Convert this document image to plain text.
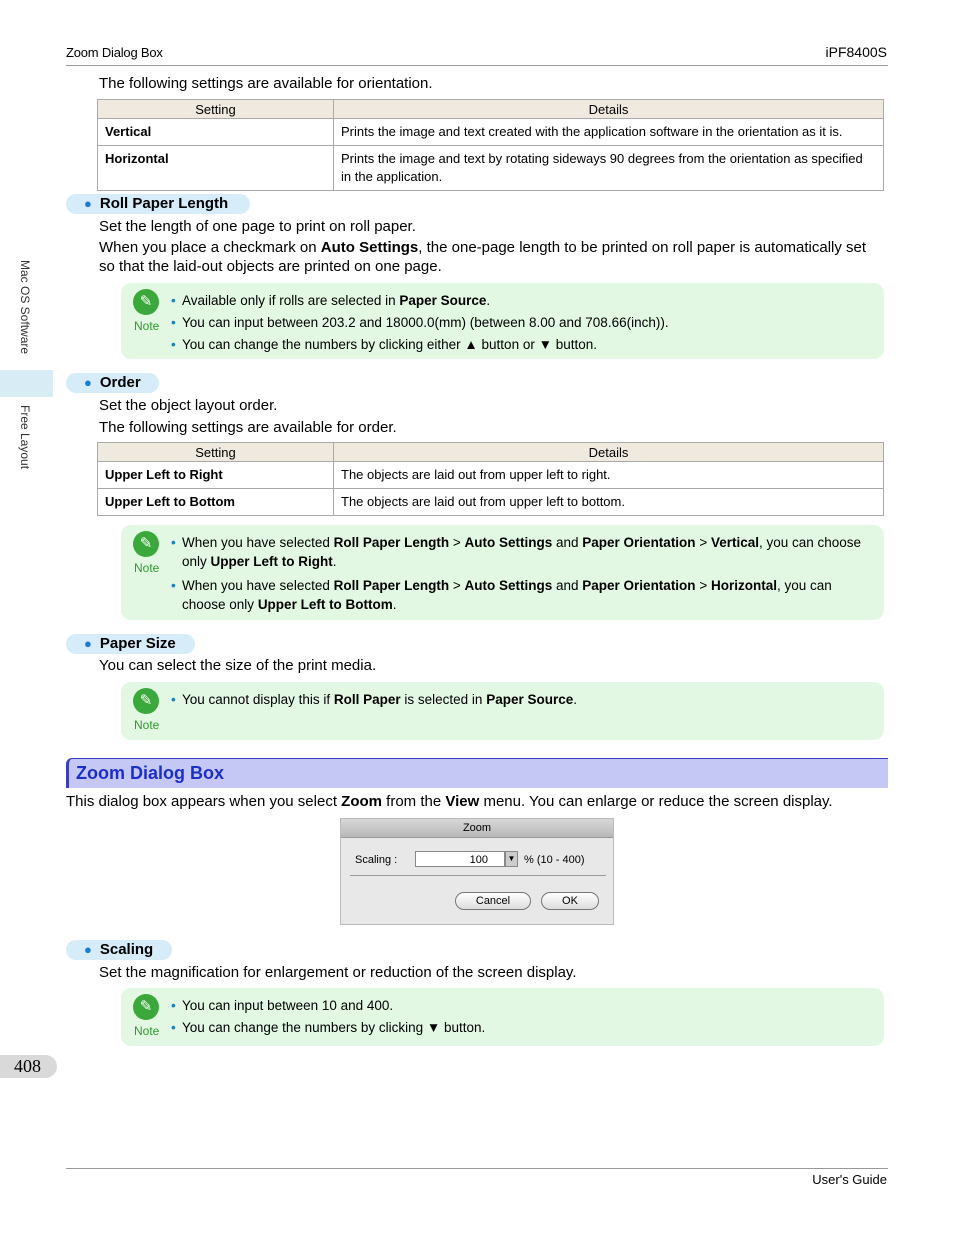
Zoom Dialog Box	iPF8400S
Mac OS Software
Free Layout
The following settings are available for orientation.
Setting	Details
Vertical	Prints the image and text created with the application software in the orientation as it is.
Horizontal	Prints the image and text by rotating sideways 90 degrees from the orientation as specified in the application.
● Roll Paper Length
Set the length of one page to print on roll paper.
When you place a checkmark on Auto Settings, the one-page length to be printed on roll paper is automatically set so that the laid-out objects are printed on one page.
✎
Note
• Available only if rolls are selected in Paper Source.
• You can input between 203.2 and 18000.0(mm) (between 8.00 and 708.66(inch)).
• You can change the numbers by clicking either ▲ button or ▼ button.
● Order
Set the object layout order.
The following settings are available for order.
Setting	Details
Upper Left to Right	The objects are laid out from upper left to right.
Upper Left to Bottom	The objects are laid out from upper left to bottom.
✎
Note
• When you have selected Roll Paper Length > Auto Settings and Paper Orientation > Vertical, you can choose only Upper Left to Right.
• When you have selected Roll Paper Length > Auto Settings and Paper Orientation > Horizontal, you can choose only Upper Left to Bottom.
● Paper Size
You can select the size of the print media.
✎
Note
• You cannot display this if Roll Paper is selected in Paper Source.
Zoom Dialog Box
This dialog box appears when you select Zoom from the View menu. You can enlarge or reduce the screen display.
Zoom
Scaling :	100	▼ % (10 - 400)
Cancel	OK
● Scaling
Set the magnification for enlargement or reduction of the screen display.
✎
Note
• You can input between 10 and 400.
• You can change the numbers by clicking ▼ button.
408
User's Guide
